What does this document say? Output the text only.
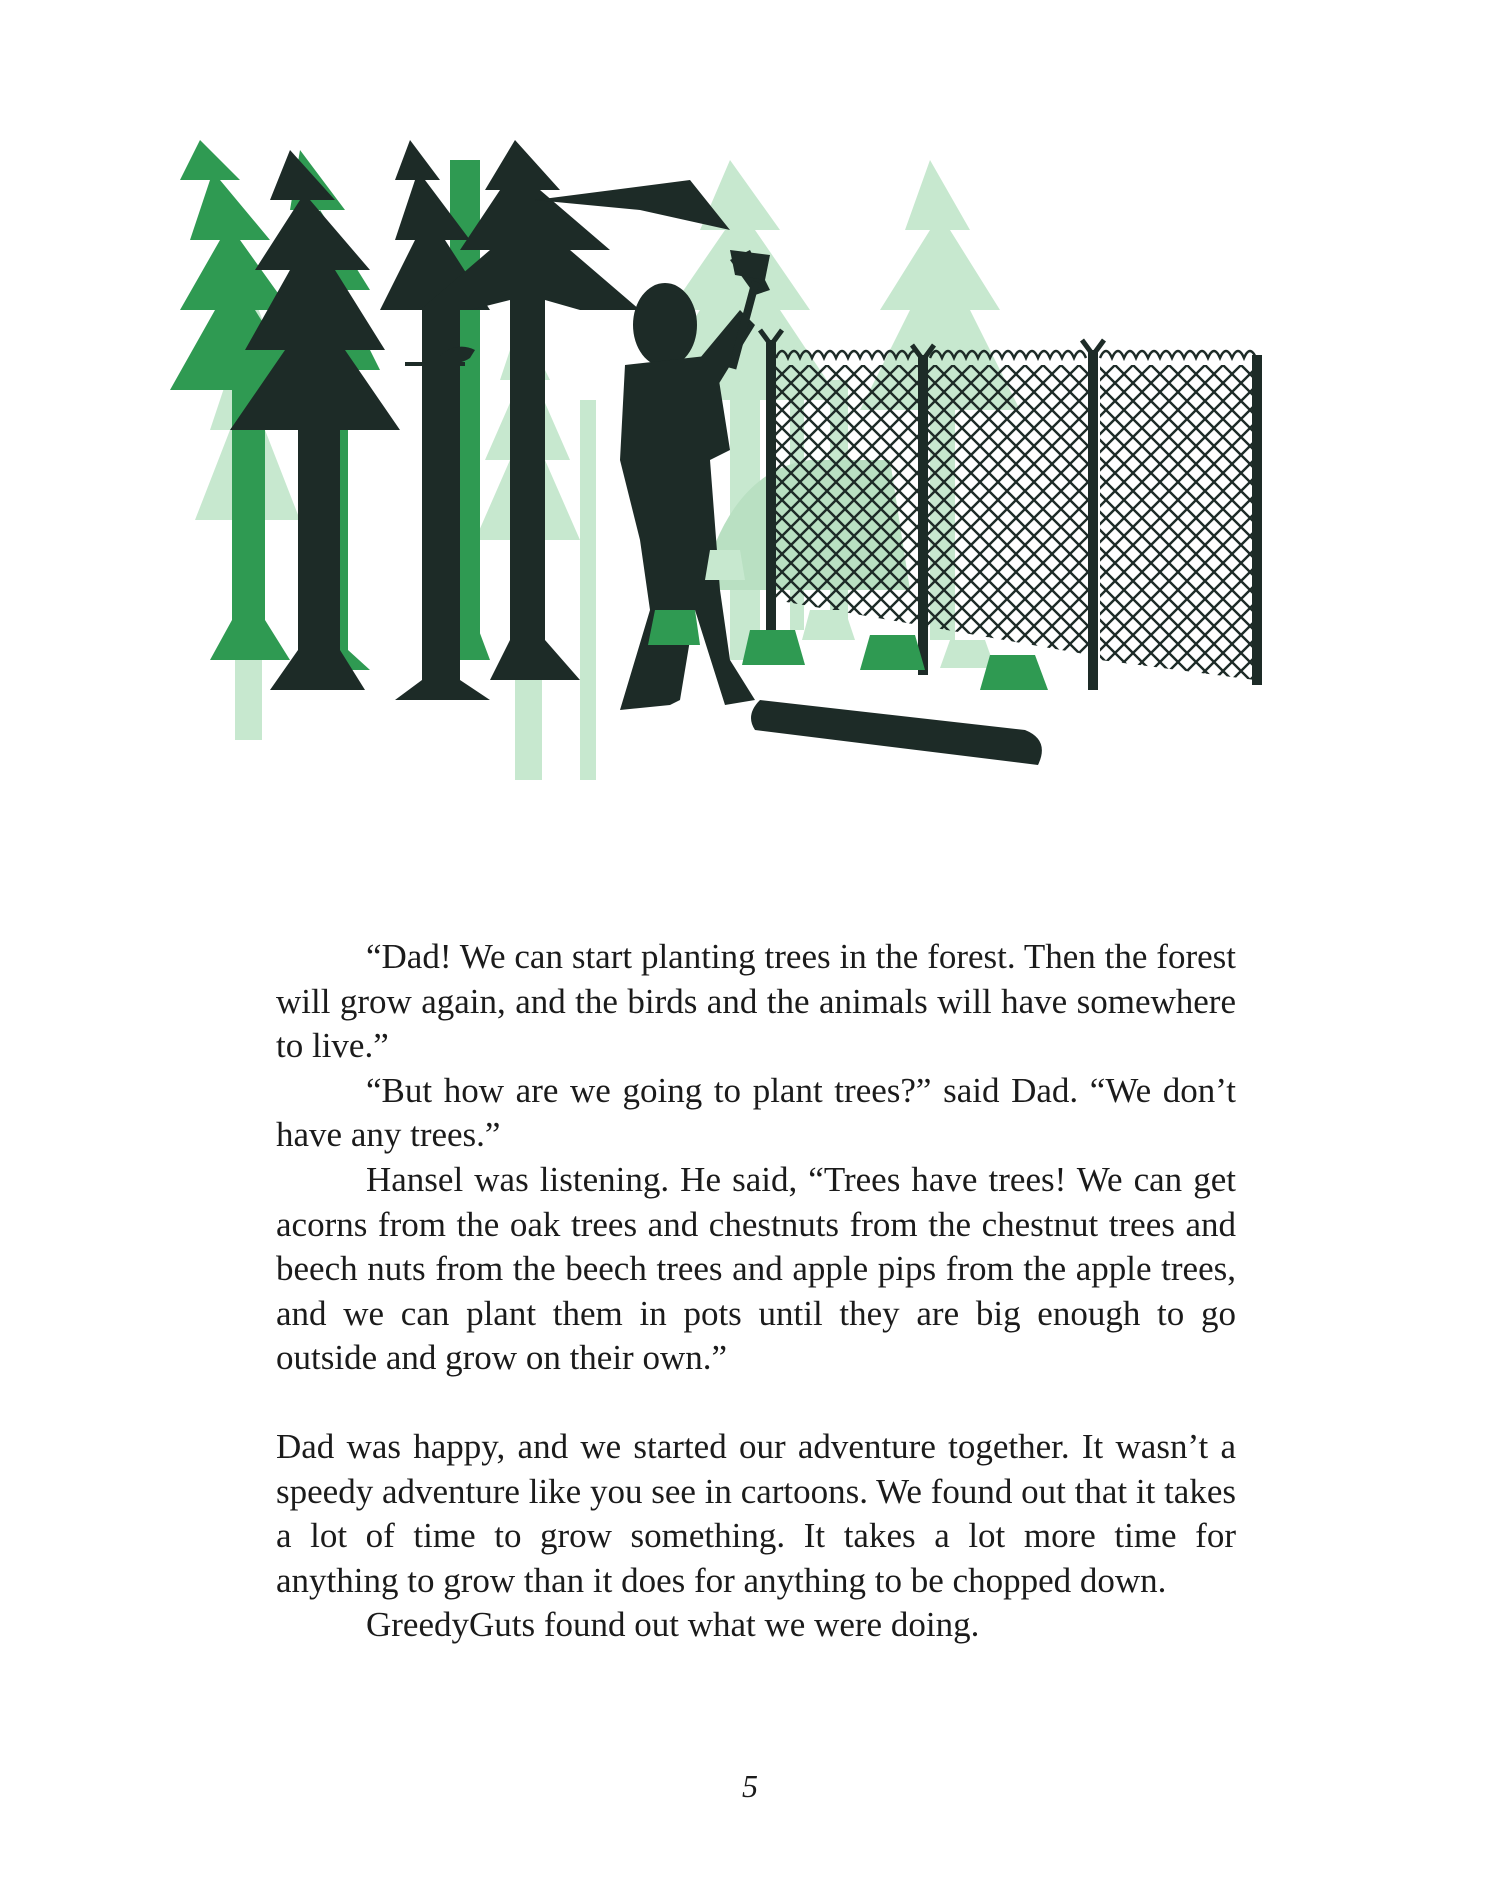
“Dad! We can start planting trees in the forest. Then the forest will grow again, and the birds and the animals will have somewhere to live.”

“But how are we going to plant trees?” said Dad. “We don’t have any trees.”

Hansel was listening. He said, “Trees have trees! We can get acorns from the oak trees and chestnuts from the chestnut trees and beech nuts from the beech trees and apple pips from the apple trees, and we can plant them in pots until they are big enough to go outside and grow on their own.”

Dad was happy, and we started our adventure together. It wasn’t a speedy adventure like you see in cartoons. We found out that it takes a lot of time to grow something. It takes a lot more time for anything to grow than it does for anything to be chopped down.

GreedyGuts found out what we were doing.

5
